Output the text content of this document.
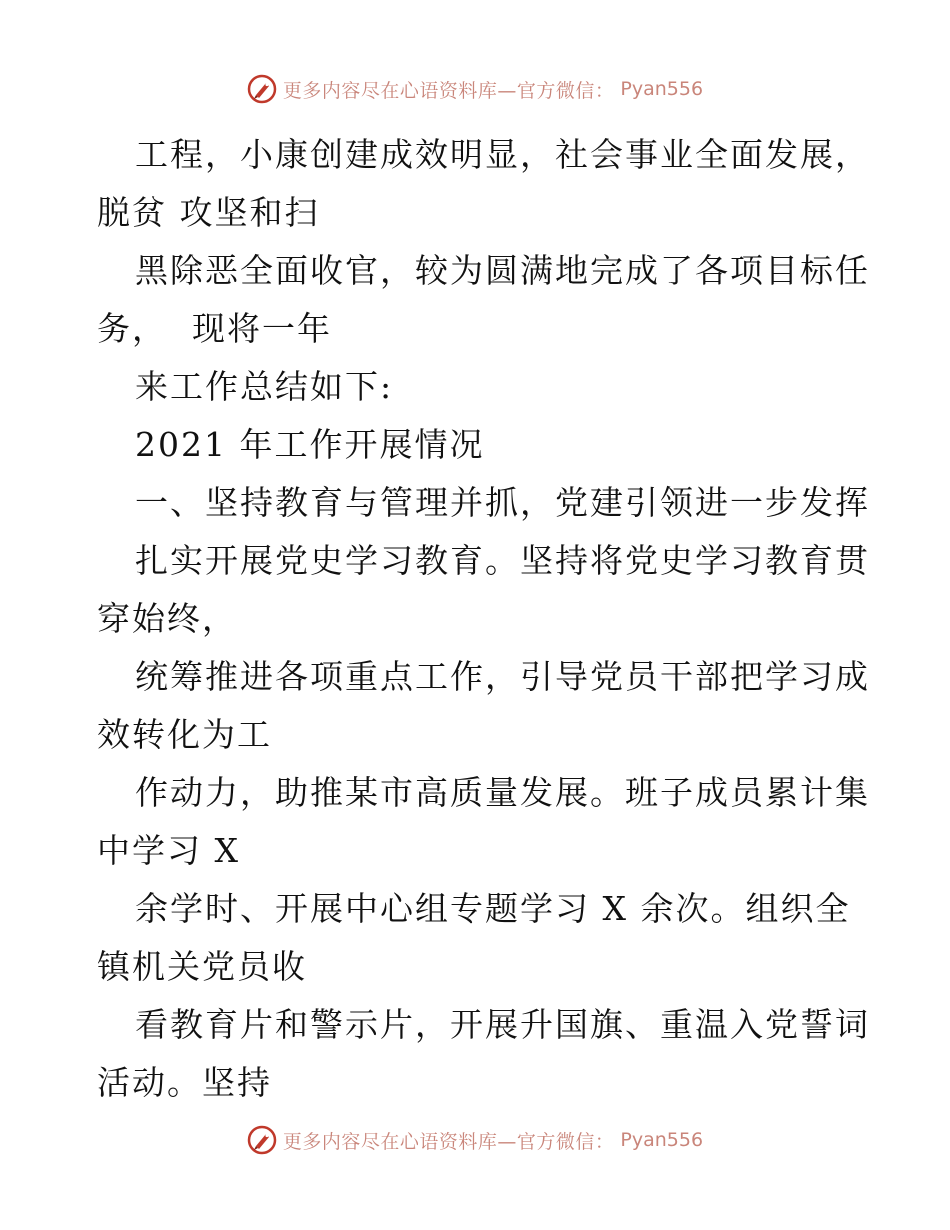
更多内容尽在心语资料库—官方微信： Pyan556
工程，小康创建成效明显，社会事业全面发展，
脱贫 攻坚和扫
黑除恶全面收官，较为圆满地完成了各项目标任
务，  现将一年
来工作总结如下:
2021 年工作开展情况
一、坚持教育与管理并抓，党建引领进一步发挥
扎实开展党史学习教育。坚持将党史学习教育贯
穿始终，
统筹推进各项重点工作，引导党员干部把学习成
效转化为工
作动力，助推某市高质量发展。班子成员累计集
中学习 X
余学时、开展中心组专题学习 X 余次。组织全
镇机关党员收
看教育片和警示片，开展升国旗、重温入党誓词
活动。坚持
更多内容尽在心语资料库—官方微信： Pyan556
